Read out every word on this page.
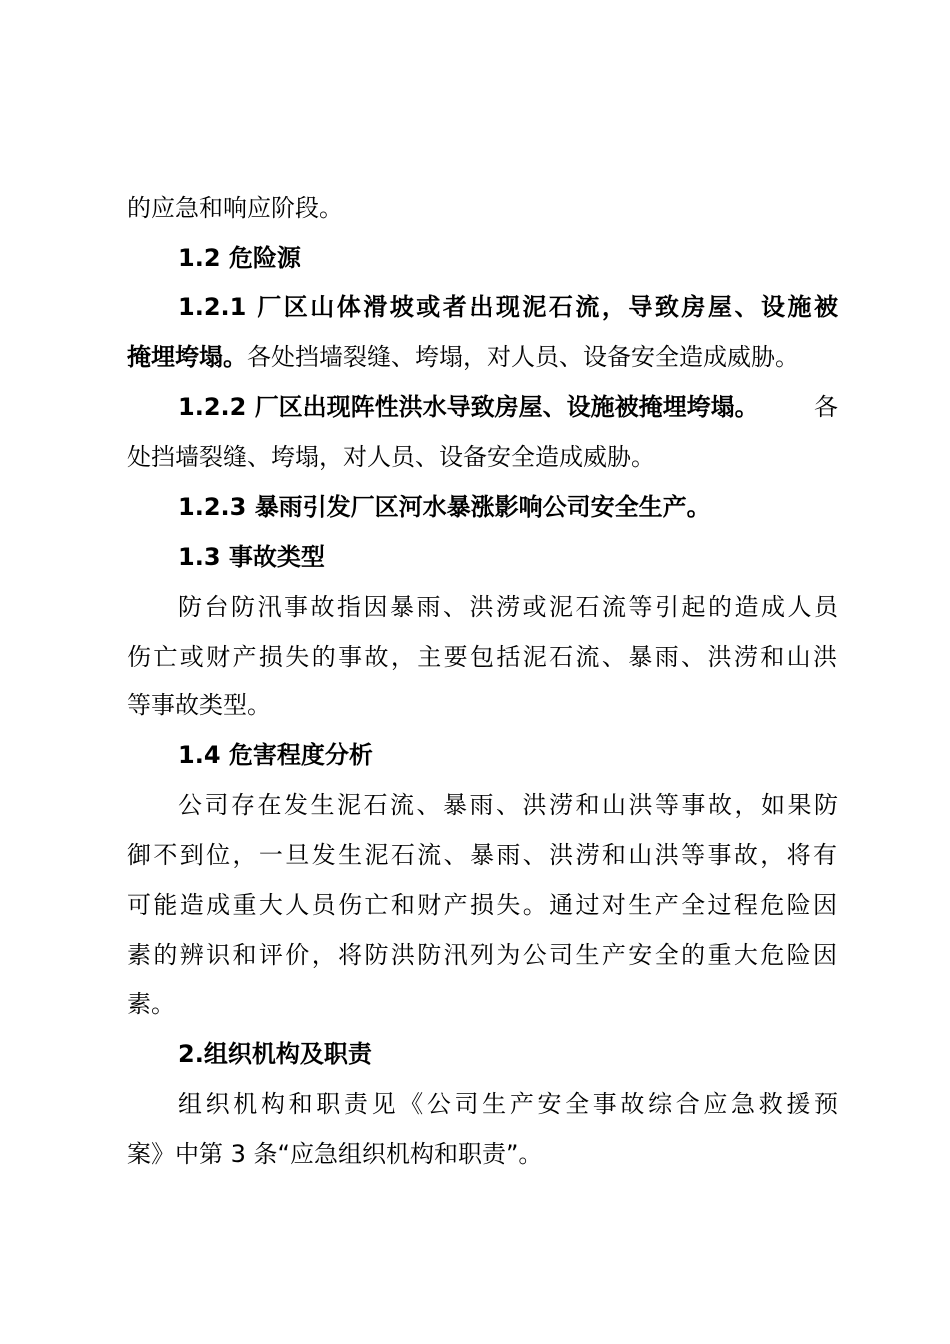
的应急和响应阶段。
1.2 危险源
1.2.1 厂区山体滑坡或者出现泥石流，导致房屋、设施被
掩埋垮塌。各处挡墙裂缝、垮塌，对人员、设备安全造成威胁。
1.2.2 厂区出现阵性洪水导致房屋、设施被掩埋垮塌。 各
处挡墙裂缝、垮塌，对人员、设备安全造成威胁。
1.2.3 暴雨引发厂区河水暴涨影响公司安全生产。
1.3 事故类型
防台防汛事故指因暴雨、洪涝或泥石流等引起的造成人员
伤亡或财产损失的事故，主要包括泥石流、暴雨、洪涝和山洪
等事故类型。
1.4 危害程度分析
公司存在发生泥石流、暴雨、洪涝和山洪等事故，如果防
御不到位，一旦发生泥石流、暴雨、洪涝和山洪等事故，将有
可能造成重大人员伤亡和财产损失。通过对生产全过程危险因
素的辨识和评价，将防洪防汛列为公司生产安全的重大危险因
素。
2.组织机构及职责
组织机构和职责见《公司生产安全事故综合应急救援预
案》中第 3 条“应急组织机构和职责”。
